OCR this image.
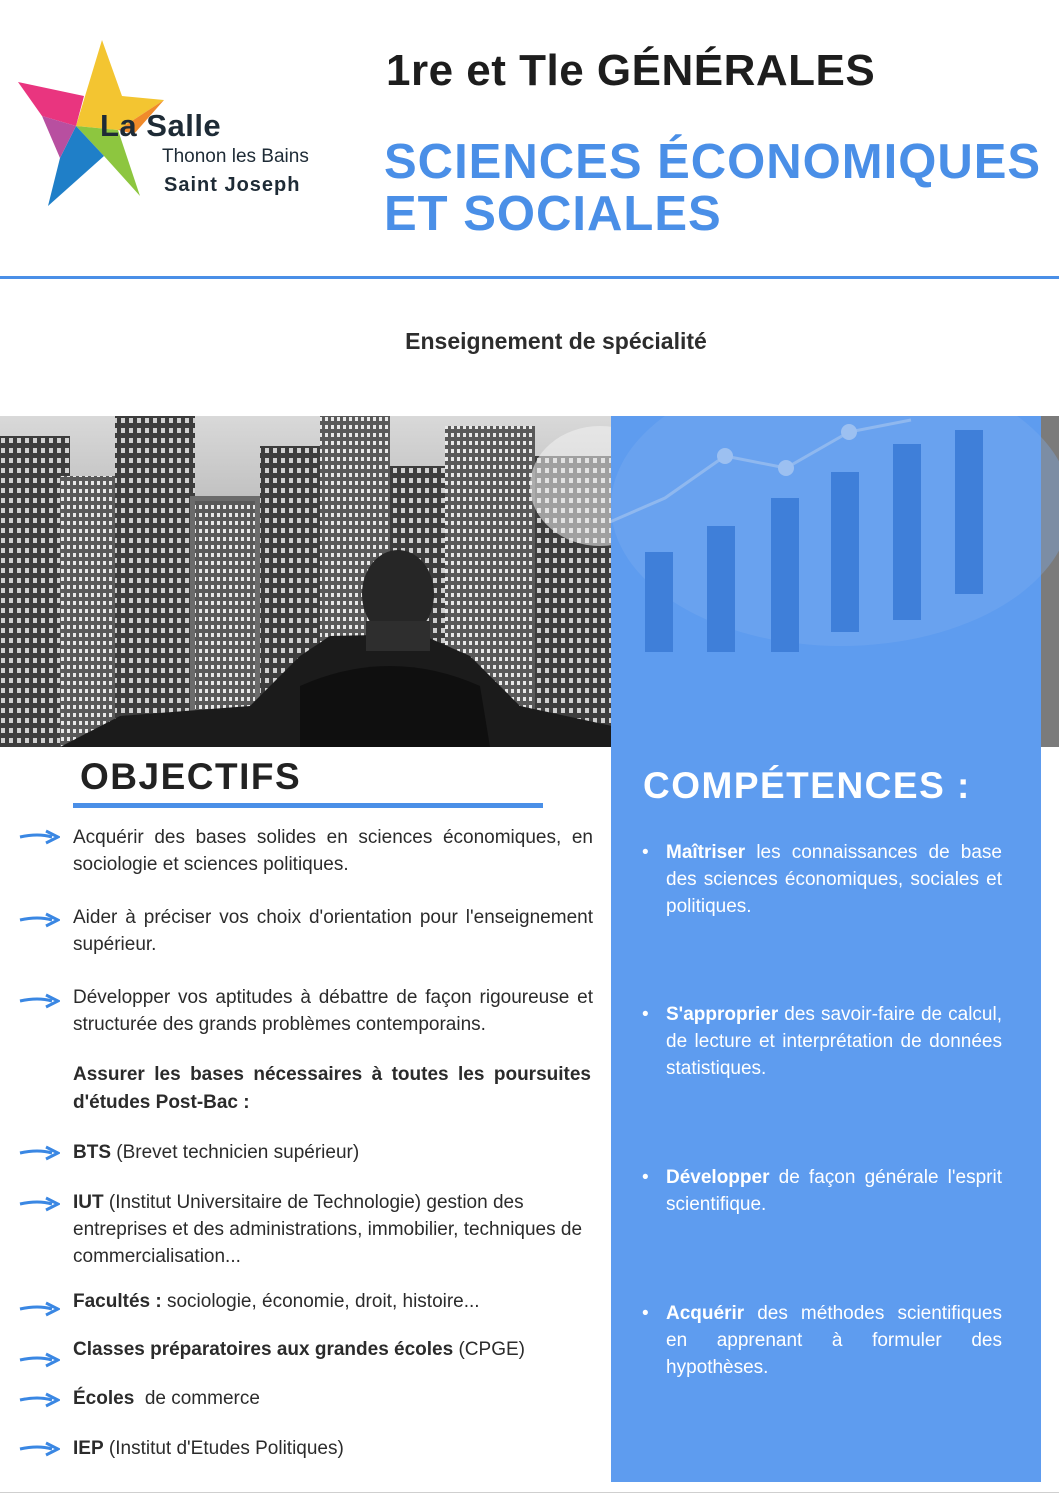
La Salle
Thonon les Bains
Saint Joseph
1re et Tle GÉNÉRALES
SCIENCES ÉCONOMIQUES
ET SOCIALES
Enseignement de spécialité
OBJECTIFS
Acquérir des bases solides en sciences économiques, en sociologie et sciences politiques.
Aider à préciser vos choix d'orientation pour l'enseignement supérieur.
Développer vos aptitudes à débattre de façon rigoureuse et structurée des grands problèmes contemporains.
Assurer les bases nécessaires à toutes les poursuites d'études Post-Bac :
BTS (Brevet technicien supérieur)
IUT (Institut Universitaire de Technologie) gestion des entreprises et des administrations, immobilier, techniques de commercialisation...
Facultés : sociologie, économie, droit, histoire...
Classes préparatoires aux grandes écoles (CPGE)
Écoles  de commerce
IEP (Institut d'Etudes Politiques)
COMPÉTENCES :
• Maîtriser les connaissances de base des sciences économiques, sociales et politiques.
• S'approprier des savoir-faire de calcul, de lecture et interprétation de données statistiques.
• Développer de façon générale l'esprit scientifique.
• Acquérir des méthodes scientifiques en apprenant à formuler des hypothèses.
